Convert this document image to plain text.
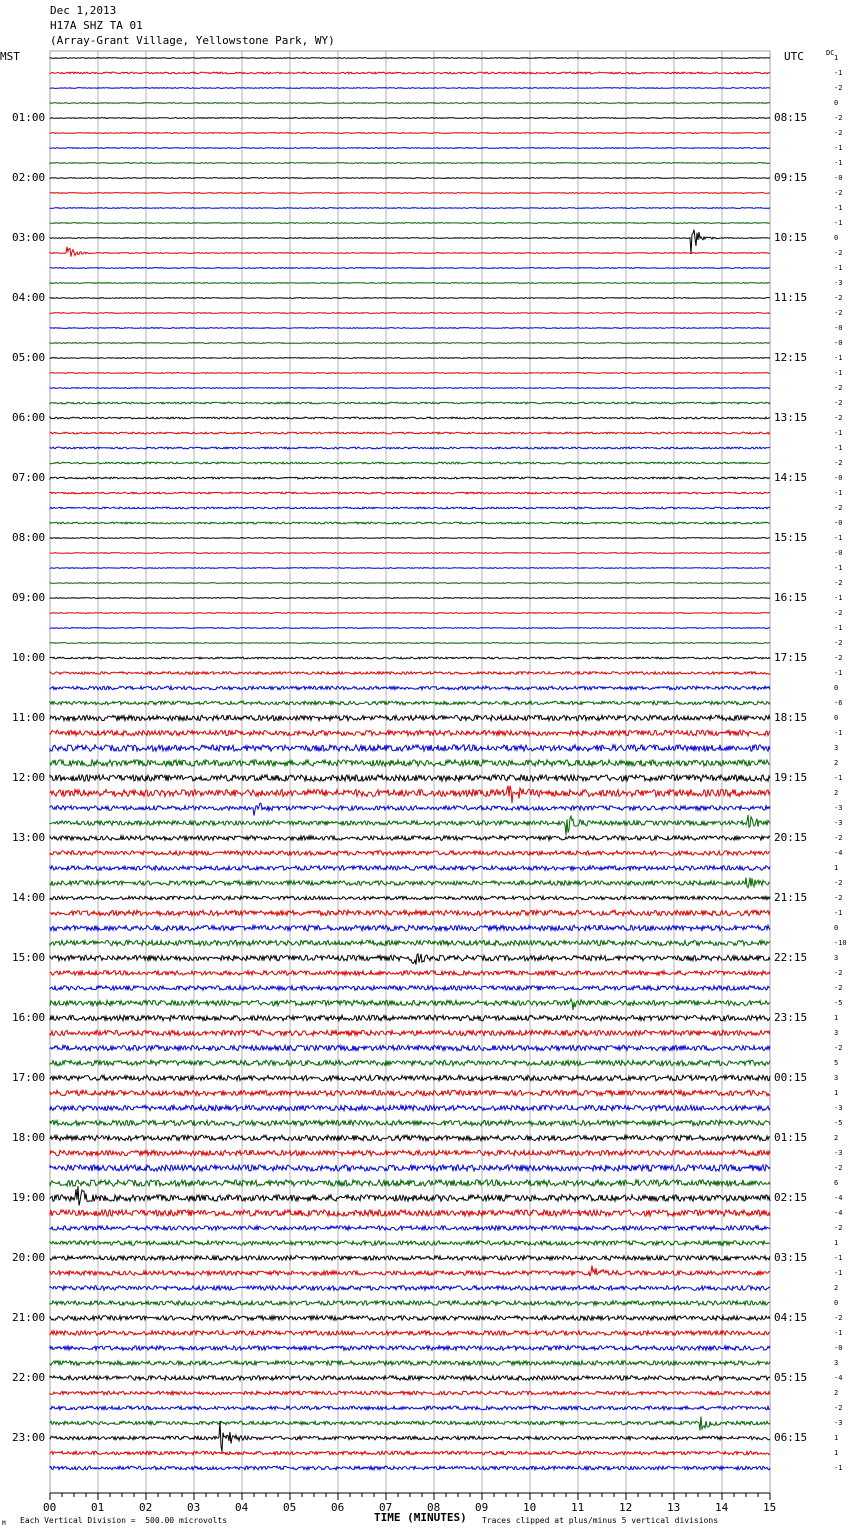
Dec 1,2013
H17A SHZ TA 01
(Array-Grant Village, Yellowstone Park, WY)
MST	UTC	DC
1
-1
-2
0
-2
-2
-1
-1
-0
-2
-1
-1
0
-2
-1
-3
-2
-2
-0
-0
-1
-1
-2
-2
-2
-1
-1
-2
-0
-1
-2
-0
-1
-0
-1
-2
-1
-2
-1
-2
-2
-1
0
-6
0
-1
3
2
-1
2
-3
-3
-2
-4
1
-2
-2
-1
0
-10
3
-2
-2
-5
1
3
-2
5
3
1
-3
-5
2
-3
-2
6
-4
-4
-2
1
-1
-1
2
0
-2
-1
-0
3
-4
2
-2
-3
1
1
-1
01:00	08:15
02:00	09:15
03:00	10:15
04:00	11:15
05:00	12:15
06:00	13:15
07:00	14:15
08:00	15:15
09:00	16:15
10:00	17:15
11:00	18:15
12:00	19:15
13:00	20:15
14:00	21:15
15:00	22:15
16:00	23:15
17:00	00:15
18:00	01:15
19:00	02:15
20:00	03:15
21:00	04:15
22:00	05:15
23:00	06:15
00	01	02	03	04	05	06	07	08	09	10	11	12	13	14	15
TIME (MINUTES)
Each Vertical Division =  500.00 microvolts	Traces clipped at plus/minus 5 vertical divisions
M
